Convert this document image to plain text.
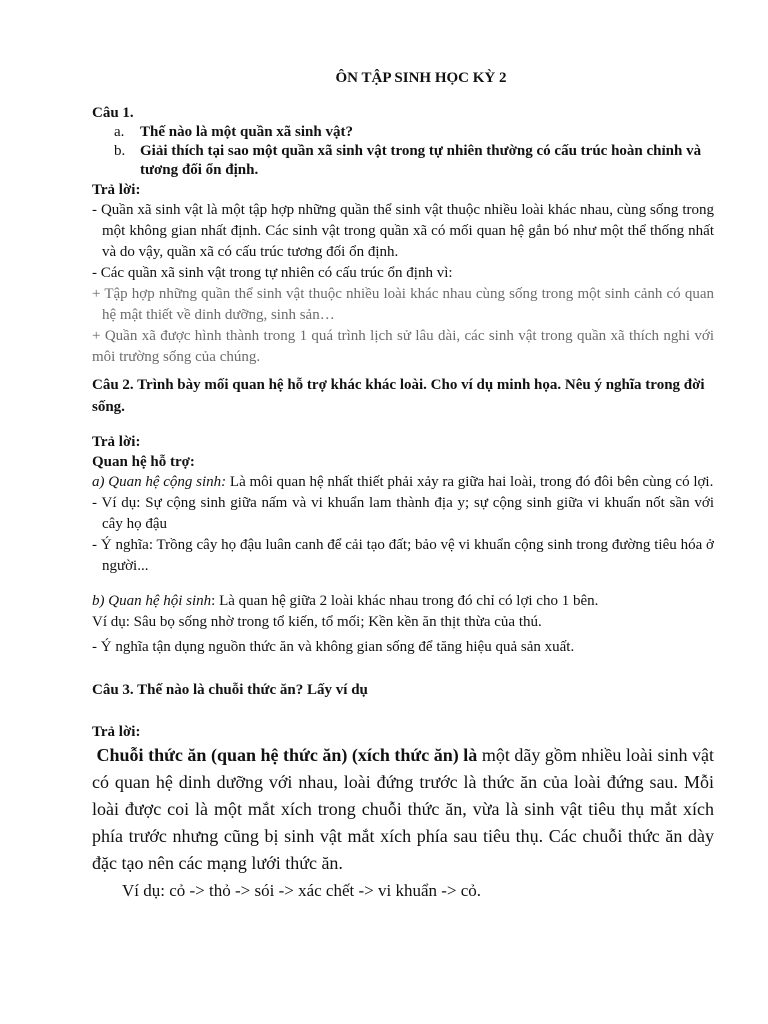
ÔN TẬP SINH HỌC KỲ 2
Câu 1.
a.	Thế nào là một quần xã sinh vật?
b. Giải thích tại sao một quần xã sinh vật trong tự nhiên thường có cấu trúc hoàn chỉnh và tương đối ổn định.
Trả lời:
- Quần xã sinh vật là một tập hợp những quần thể sinh vật thuộc nhiều loài khác nhau, cùng sống trong một không gian nhất định. Các sinh vật trong quần xã có mối quan hệ gắn bó như một thể thống nhất và do vậy, quần xã có cấu trúc tương đối ổn định.
- Các quần xã sinh vật trong tự nhiên có cấu trúc ổn định vì:
+ Tập hợp những quần thể sinh vật thuộc nhiều loài khác nhau cùng sống trong một sinh cảnh có quan hệ mật thiết về dinh dưỡng, sinh sản…
+ Quần xã được hình thành trong 1 quá trình lịch sử lâu dài, các sinh vật trong quần xã thích nghi với môi trường sống của chúng.
Câu 2. Trình bày mối quan hệ hỗ trợ khác khác loài. Cho ví dụ minh họa. Nêu ý nghĩa trong đời sống.
Trả lời:
Quan hệ hỗ trợ:
a) Quan hệ cộng sinh: Là môi quan hệ nhất thiết phải xảy ra giữa hai loài, trong đó đôi bên cùng có lợi.
- Ví dụ: Sự cộng sinh giữa nấm và vi khuẩn lam thành địa y; sự cộng sinh giữa vi khuẩn nốt sần với cây họ đậu
- Ý nghĩa: Trồng cây họ đậu luân canh để cải tạo đất; bảo vệ vi khuẩn cộng sinh trong đường tiêu hóa ở người...
b) Quan hệ hội sinh: Là quan hệ giữa 2 loài khác nhau trong đó chỉ có lợi cho 1 bên.
Ví dụ: Sâu bọ sống nhờ trong tổ kiến, tổ mối; Kền kền ăn thịt thừa của thú.
- Ý nghĩa tận dụng nguồn thức ăn và không gian sống để tăng hiệu quả sản xuất.
Câu 3. Thế nào là chuỗi thức ăn? Lấy ví dụ
Trả lời:
Chuỗi thức ăn (quan hệ thức ăn) (xích thức ăn) là một dãy gồm nhiều loài sinh vật có quan hệ dinh dưỡng với nhau, loài đứng trước là thức ăn của loài đứng sau. Mỗi loài được coi là một mắt xích trong chuỗi thức ăn, vừa là sinh vật tiêu thụ mắt xích phía trước nhưng cũng bị sinh vật mắt xích phía sau tiêu thụ. Các chuỗi thức ăn dày đặc tạo nên các mạng lưới thức ăn.
Ví dụ: cỏ -> thỏ -> sói -> xác chết -> vi khuẩn -> cỏ.
